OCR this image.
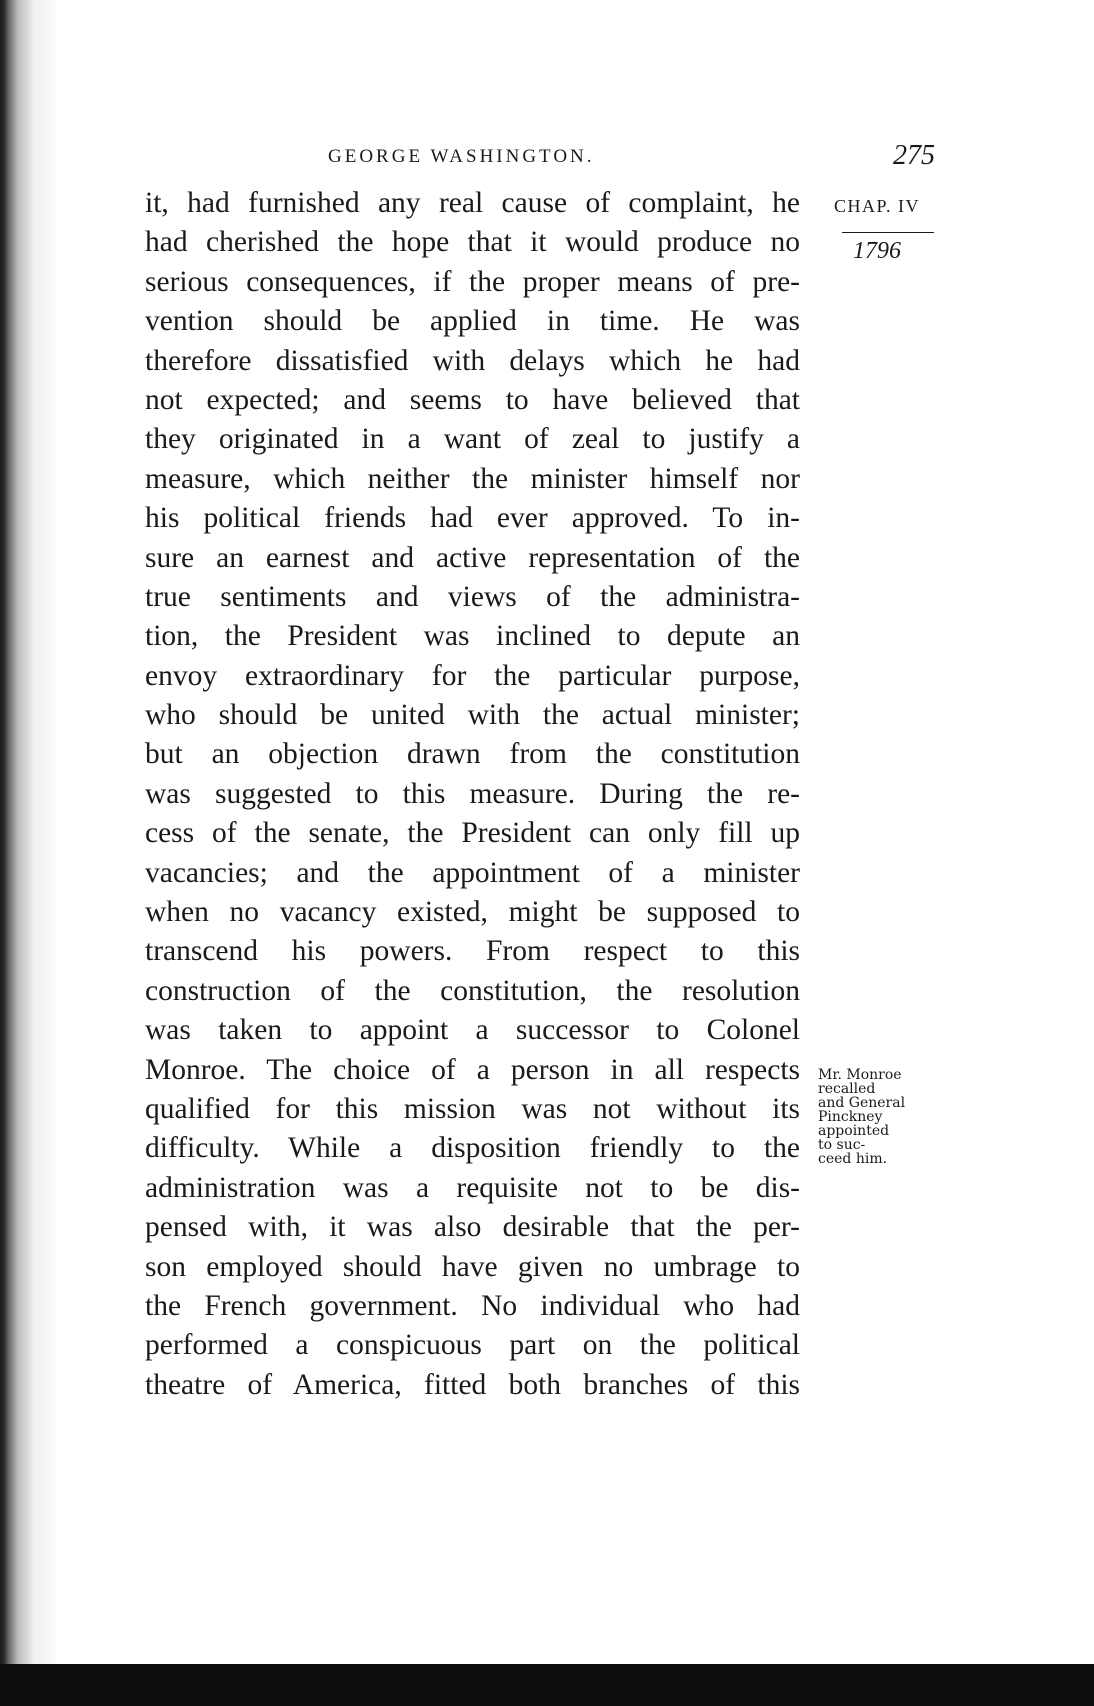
GEORGE WASHINGTON.	275
CHAP. IV
1796
it, had furnished any real cause of complaint, he
had cherished the hope that it would produce no
serious consequences, if the proper means of pre-
vention should be applied in time. He was
therefore dissatisfied with delays which he had
not expected; and seems to have believed that
they originated in a want of zeal to justify a
measure, which neither the minister himself nor
his political friends had ever approved. To in-
sure an earnest and active representation of the
true sentiments and views of the administra-
tion, the President was inclined to depute an
envoy extraordinary for the particular purpose,
who should be united with the actual minister;
but an objection drawn from the constitution
was suggested to this measure. During the re-
cess of the senate, the President can only fill up
vacancies; and the appointment of a minister
when no vacancy existed, might be supposed to
transcend his powers. From respect to this
construction of the constitution, the resolution
was taken to appoint a successor to Colonel
Monroe. The choice of a person in all respects
qualified for this mission was not without its
difficulty. While a disposition friendly to the
administration was a requisite not to be dis-
pensed with, it was also desirable that the per-
son employed should have given no umbrage to
the French government. No individual who had
performed a conspicuous part on the political
theatre of America, fitted both branches of this
Mr. Monroe
recalled
and General
Pinckney
appointed
to suc-
ceed him.
